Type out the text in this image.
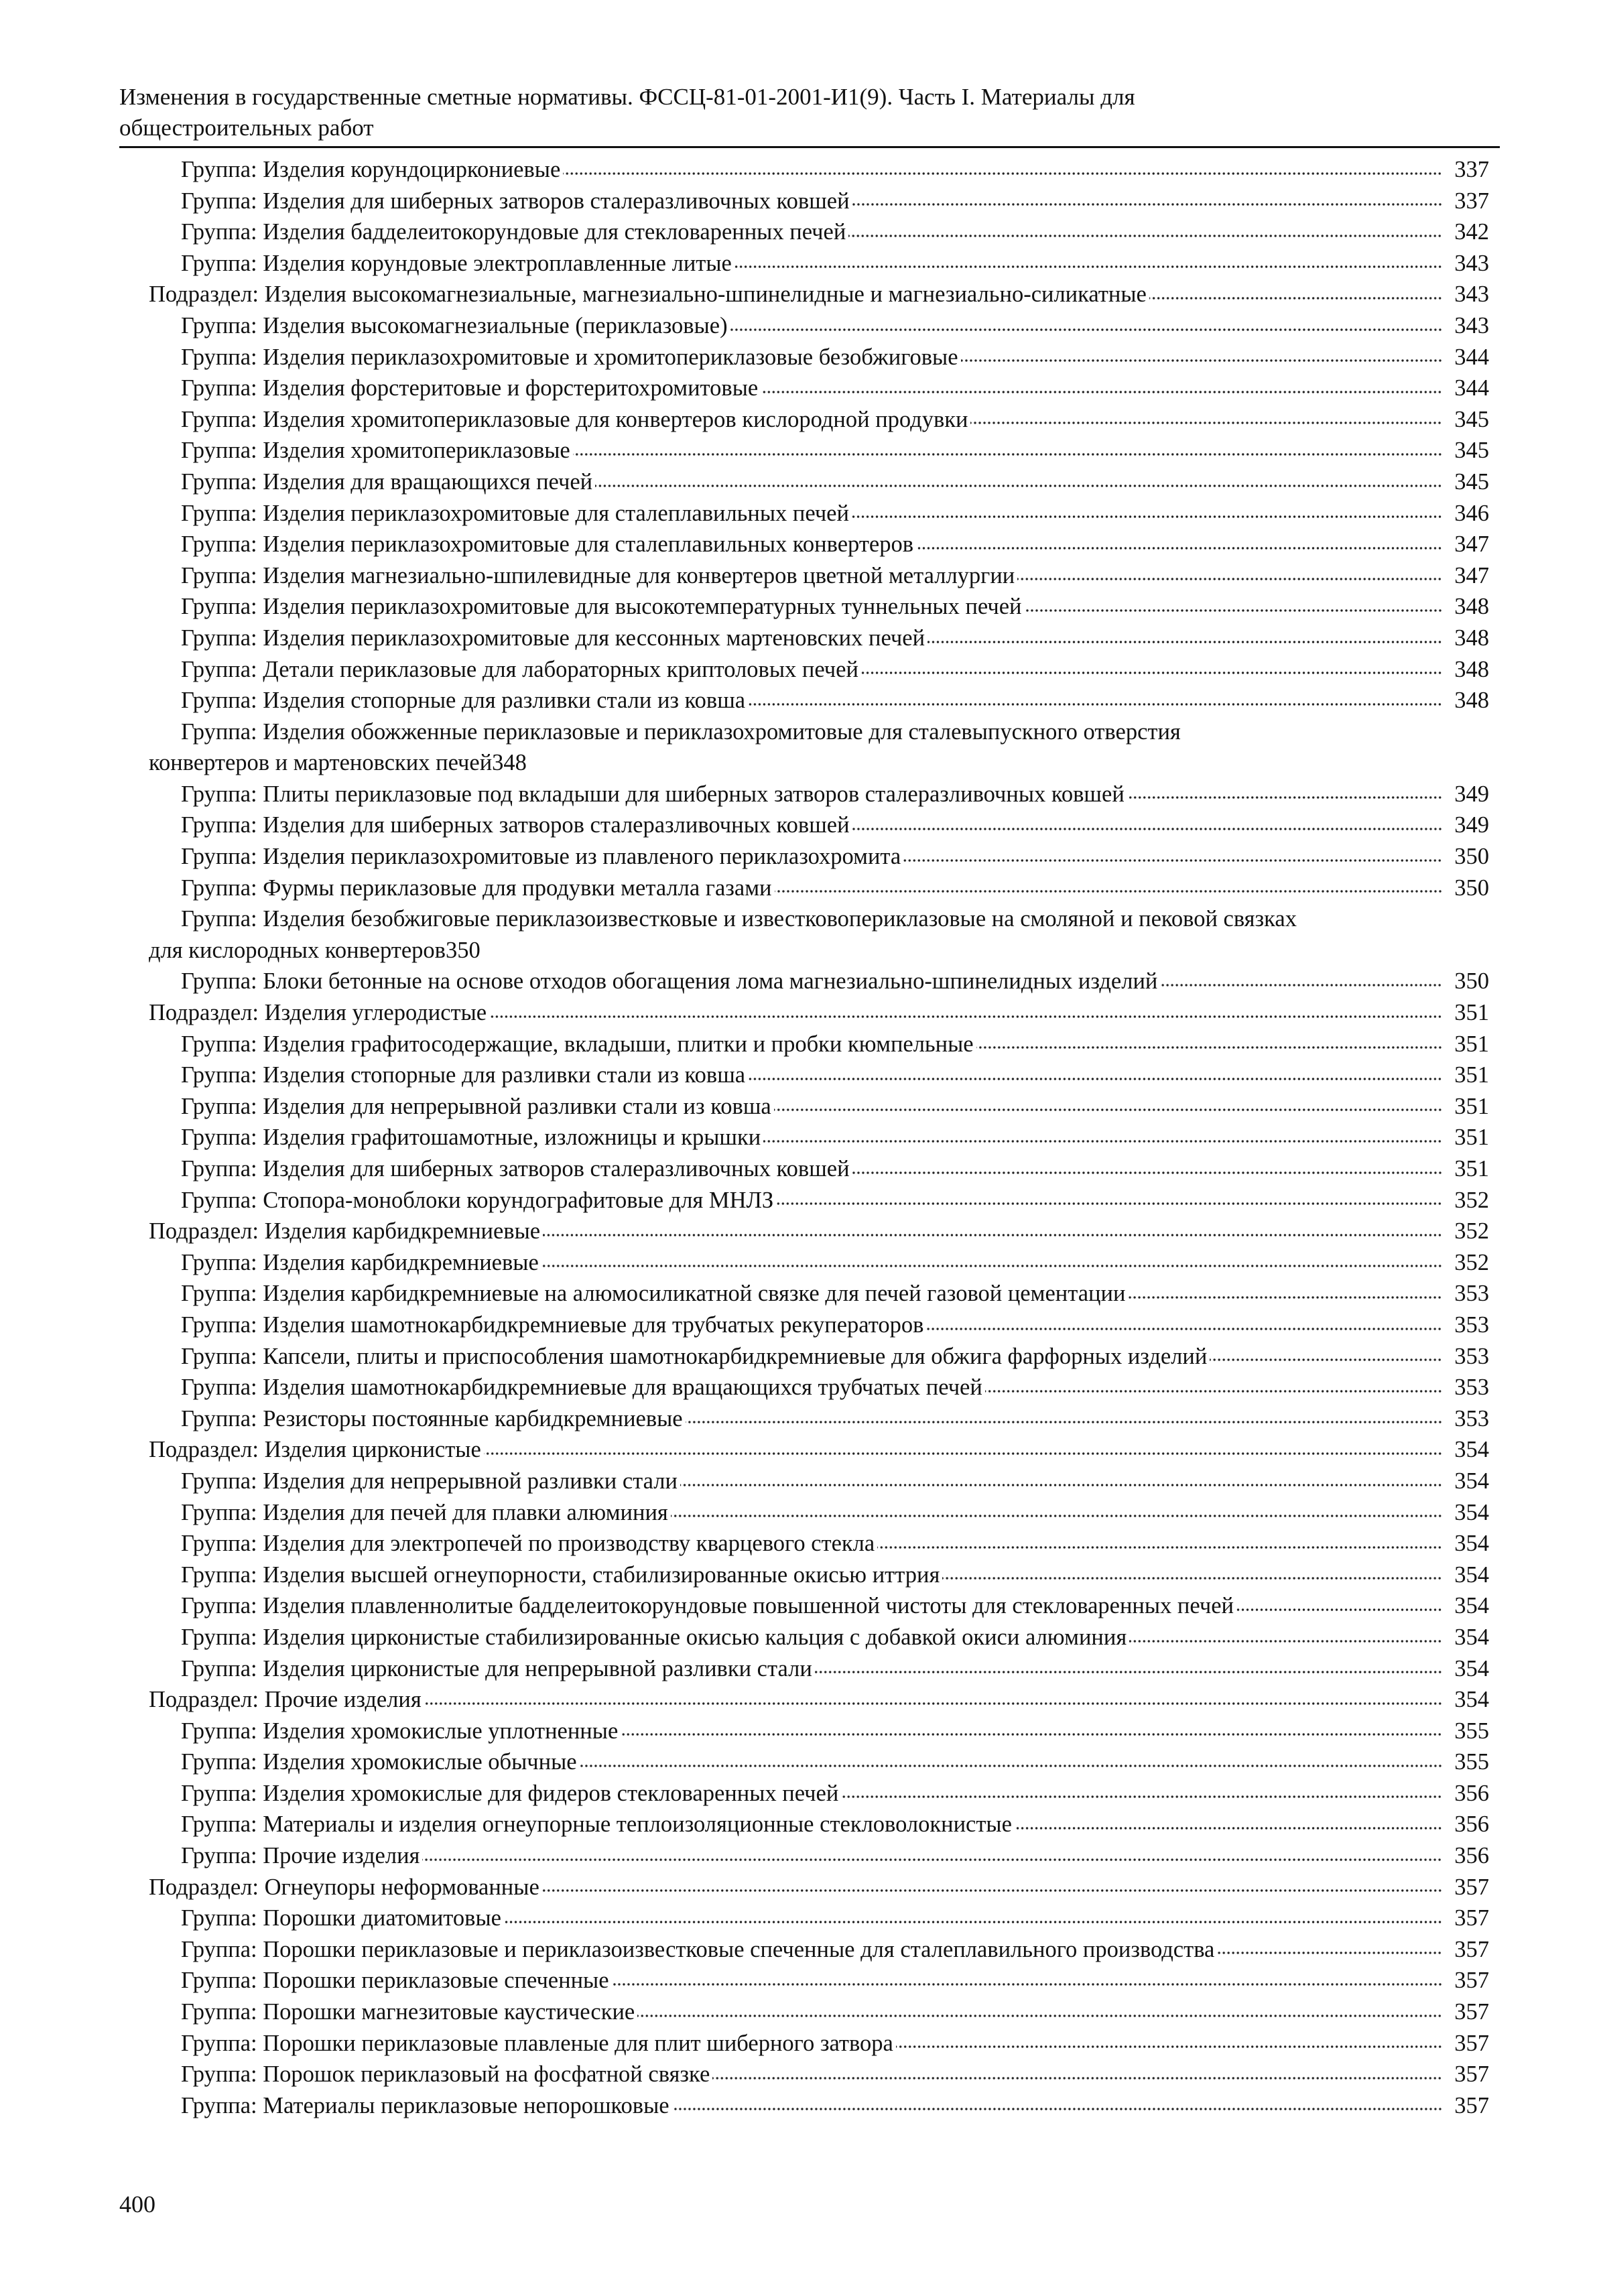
Изменения в государственные сметные нормативы. ФССЦ-81-01-2001-И1(9). Часть I. Материалы для
общестроительных работ
Группа: Изделия корундоциркониевые	337
Группа: Изделия для шиберных затворов сталеразливочных ковшей	337
Группа: Изделия бадделеитокорундовые для стекловаренных печей	342
Группа: Изделия корундовые электроплавленные литые	343
Подраздел: Изделия высокомагнезиальные, магнезиально-шпинелидные и магнезиально-силикатные	343
Группа: Изделия высокомагнезиальные (периклазовые)	343
Группа: Изделия периклазохромитовые и хромитопериклазовые безобжиговые	344
Группа: Изделия форстеритовые и форстеритохромитовые	344
Группа: Изделия хромитопериклазовые для конвертеров кислородной продувки	345
Группа: Изделия хромитопериклазовые	345
Группа: Изделия для вращающихся печей	345
Группа: Изделия периклазохромитовые для сталеплавильных печей	346
Группа: Изделия периклазохромитовые для сталеплавильных конвертеров	347
Группа: Изделия магнезиально-шпилевидные для конвертеров цветной металлургии	347
Группа: Изделия периклазохромитовые для высокотемпературных туннельных печей	348
Группа: Изделия периклазохромитовые для кессонных мартеновских печей	348
Группа: Детали периклазовые для лабораторных криптоловых печей	348
Группа: Изделия стопорные для разливки стали из ковша	348
Группа: Изделия обожженные периклазовые и периклазохромитовые для сталевыпускного отверстия
конвертеров и мартеновских печей 348
Группа: Плиты периклазовые под вкладыши для шиберных затворов сталеразливочных ковшей	349
Группа: Изделия для шиберных затворов сталеразливочных ковшей	349
Группа: Изделия периклазохромитовые из плавленого периклазохромита	350
Группа: Фурмы периклазовые для продувки металла газами	350
Группа: Изделия безобжиговые периклазоизвестковые и известковопериклазовые на смоляной и пековой связках
для кислородных конвертеров 350
Группа: Блоки бетонные на основе отходов обогащения лома магнезиально-шпинелидных изделий	350
Подраздел: Изделия углеродистые	351
Группа: Изделия графитосодержащие, вкладыши, плитки и пробки кюмпельные	351
Группа: Изделия стопорные для разливки стали из ковша	351
Группа: Изделия для непрерывной разливки стали из ковша	351
Группа: Изделия графитошамотные, изложницы и крышки	351
Группа: Изделия для шиберных затворов сталеразливочных ковшей	351
Группа: Стопора-моноблоки корундографитовые для МНЛЗ	352
Подраздел: Изделия карбидкремниевые	352
Группа: Изделия карбидкремниевые	352
Группа: Изделия карбидкремниевые на алюмосиликатной связке для печей газовой цементации	353
Группа: Изделия шамотнокарбидкремниевые для трубчатых рекуператоров	353
Группа: Капсели, плиты и приспособления шамотнокарбидкремниевые для обжига фарфорных изделий	353
Группа: Изделия шамотнокарбидкремниевые для вращающихся трубчатых печей	353
Группа: Резисторы постоянные карбидкремниевые	353
Подраздел: Изделия цирконистые	354
Группа: Изделия для непрерывной разливки стали	354
Группа: Изделия для печей для плавки алюминия	354
Группа: Изделия для электропечей по производству кварцевого стекла	354
Группа: Изделия высшей огнеупорности, стабилизированные окисью иттрия	354
Группа: Изделия плавленнолитые бадделеитокорундовые повышенной чистоты для стекловаренных печей	354
Группа: Изделия цирконистые стабилизированные окисью кальция с добавкой окиси алюминия	354
Группа: Изделия цирконистые для непрерывной разливки стали	354
Подраздел: Прочие изделия	354
Группа: Изделия хромокислые уплотненные	355
Группа: Изделия хромокислые обычные	355
Группа: Изделия хромокислые для фидеров стекловаренных печей	356
Группа: Материалы и изделия огнеупорные теплоизоляционные стекловолокнистые	356
Группа: Прочие изделия	356
Подраздел: Огнеупоры неформованные	357
Группа: Порошки диатомитовые	357
Группа: Порошки периклазовые и периклазоизвестковые спеченные для сталеплавильного производства	357
Группа: Порошки периклазовые спеченные	357
Группа: Порошки магнезитовые каустические	357
Группа: Порошки периклазовые плавленые для плит шиберного затвора	357
Группа: Порошок периклазовый на фосфатной связке	357
Группа: Материалы периклазовые непорошковые	357
400
